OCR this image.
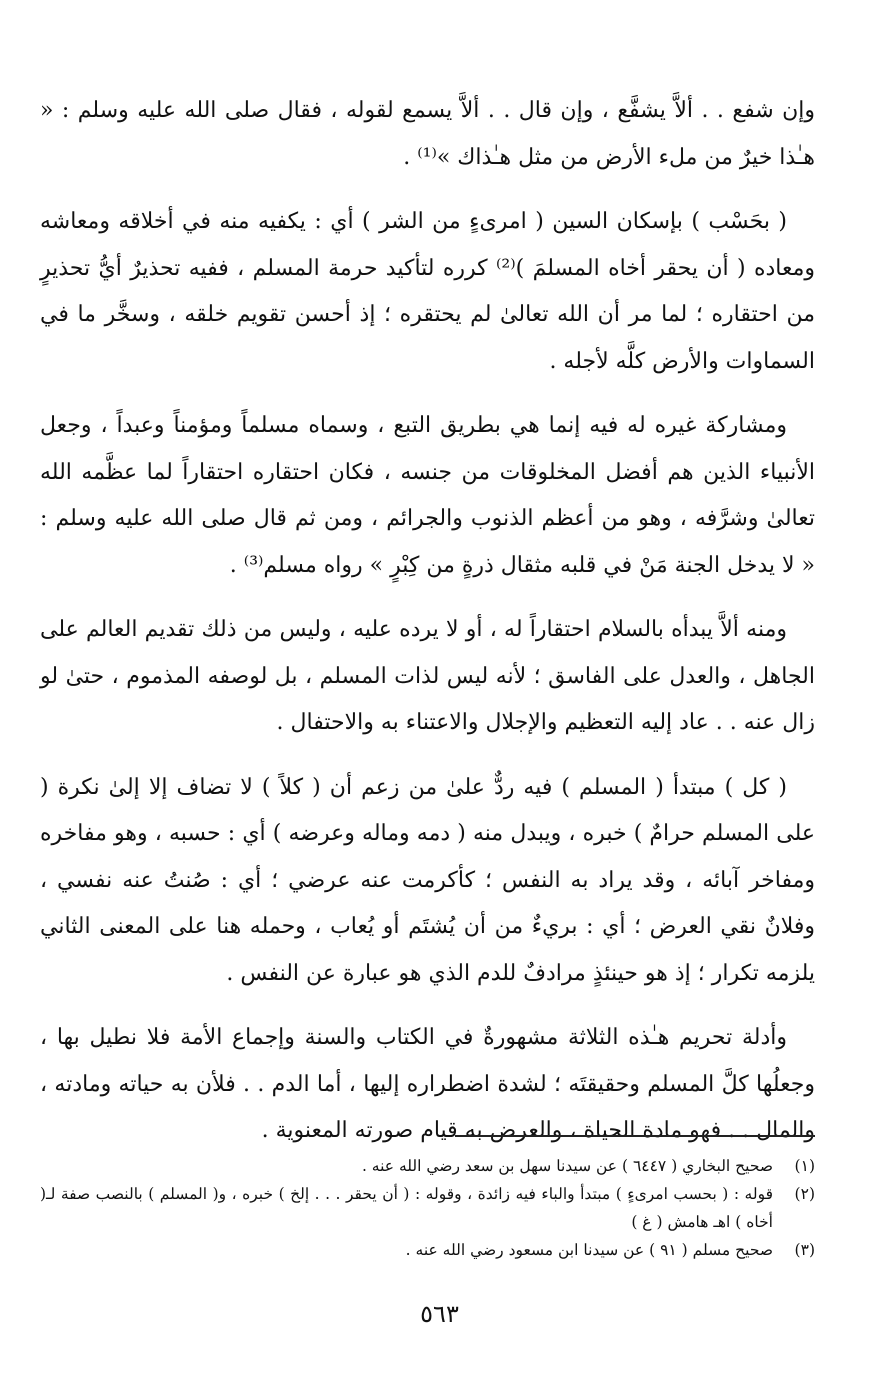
وإن شفع . . ألاَّ يشفَّع ، وإن قال . . ألاَّ يسمع لقوله ، فقال صلى الله عليه وسلم : « هـٰذا خيرٌ من ملء الأرض من مثل هـٰذاك »⁽¹⁾ .

( بحَسْب ) بإسكان السين ( امرىءٍ من الشر ) أي : يكفيه منه في أخلاقه ومعاشه ومعاده ( أن يحقر أخاه المسلمَ )⁽²⁾ كرره لتأكيد حرمة المسلم ، ففيه تحذيرٌ أيُّ تحذيرٍ من احتقاره ؛ لما مر أن الله تعالىٰ لم يحتقره ؛ إذ أحسن تقويم خلقه ، وسخَّر ما في السماوات والأرض كلَّه لأجله .

ومشاركة غيره له فيه إنما هي بطريق التبع ، وسماه مسلماً ومؤمناً وعبداً ، وجعل الأنبياء الذين هم أفضل المخلوقات من جنسه ، فكان احتقاره احتقاراً لما عظَّمه الله تعالىٰ وشرَّفه ، وهو من أعظم الذنوب والجرائم ، ومن ثم قال صلى الله عليه وسلم : « لا يدخل الجنة مَنْ في قلبه مثقال ذرةٍ من كِبْرٍ » رواه مسلم⁽³⁾ .

ومنه ألاَّ يبدأه بالسلام احتقاراً له ، أو لا يرده عليه ، وليس من ذلك تقديم العالم على الجاهل ، والعدل على الفاسق ؛ لأنه ليس لذات المسلم ، بل لوصفه المذموم ، حتىٰ لو زال عنه . . عاد إليه التعظيم والإجلال والاعتناء به والاحتفال .

( كل ) مبتدأ ( المسلم ) فيه ردٌّ علىٰ من زعم أن ( كلاً ) لا تضاف إلا إلىٰ نكرة ( على المسلم حرامٌ ) خبره ، ويبدل منه ( دمه وماله وعرضه ) أي : حسبه ، وهو مفاخره ومفاخر آبائه ، وقد يراد به النفس ؛ كأكرمت عنه عرضي ؛ أي : صُنتُ عنه نفسي ، وفلانٌ نقي العرض ؛ أي : بريءٌ من أن يُشتَم أو يُعاب ، وحمله هنا على المعنى الثاني يلزمه تكرار ؛ إذ هو حينئذٍ مرادفٌ للدم الذي هو عبارة عن النفس .

وأدلة تحريم هـٰذه الثلاثة مشهورةٌ في الكتاب والسنة وإجماع الأمة فلا نطيل بها ، وجعلُها كلَّ المسلم وحقيقتَه ؛ لشدة اضطراره إليها ، أما الدم . . فلأن به حياته ومادته ، والمال . . فهو مادة الحياة ، والعرض به قيام صورته المعنوية .

(١)
صحيح البخاري ( ٦٤٤٧ ) عن سيدنا سهل بن سعد رضي الله عنه .
(٢)
قوله : ( بحسب امرىءٍ ) مبتدأ والباء فيه زائدة ، وقوله : ( أن يحقر . . . إلخ ) خبره ، و( المسلم ) بالنصب صفة لـ( أخاه ) اهـ هامش ( غ )
(٣)
صحيح مسلم ( ٩١ ) عن سيدنا ابن مسعود رضي الله عنه .
٥٦٣
